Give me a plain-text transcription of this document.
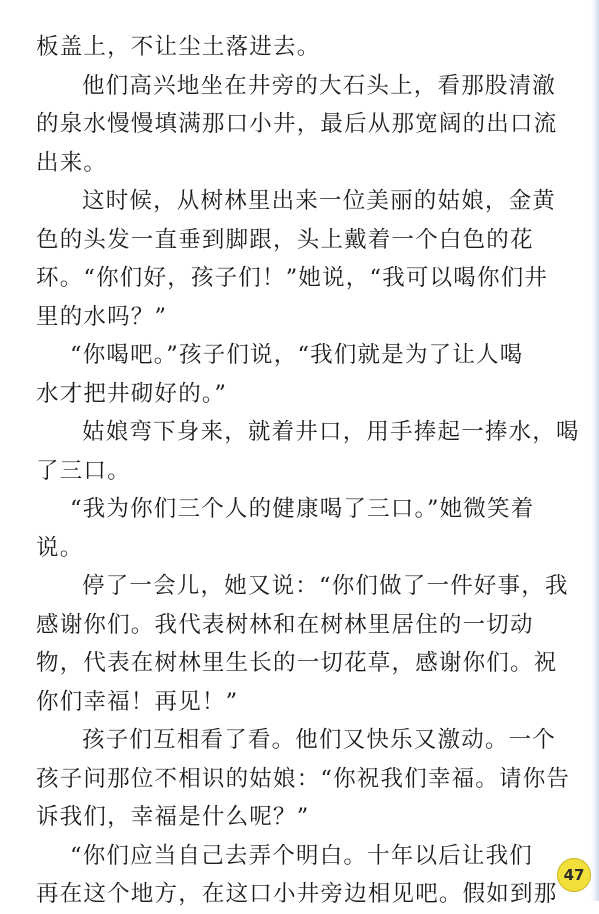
板盖上，不让尘土落进去。
他们高兴地坐在井旁的大石头上，看那股清澈
的泉水慢慢填满那口小井，最后从那宽阔的出口流
出来。
这时候，从树林里出来一位美丽的姑娘，金黄
色的头发一直垂到脚跟，头上戴着一个白色的花
环。“你们好，孩子们！”她说，“我可以喝你们井
里的水吗？”
“你喝吧。”孩子们说，“我们就是为了让人喝
水才把井砌好的。”
姑娘弯下身来，就着井口，用手捧起一捧水，喝
了三口。
“我为你们三个人的健康喝了三口。”她微笑着
说。
停了一会儿，她又说：“你们做了一件好事，我
感谢你们。我代表树林和在树林里居住的一切动
物，代表在树林里生长的一切花草，感谢你们。祝
你们幸福！再见！”
孩子们互相看了看。他们又快乐又激动。一个
孩子问那位不相识的姑娘：“你祝我们幸福。请你告
诉我们，幸福是什么呢？”
“你们应当自己去弄个明白。十年以后让我们
再在这个地方，在这口小井旁边相见吧。假如到那
47
